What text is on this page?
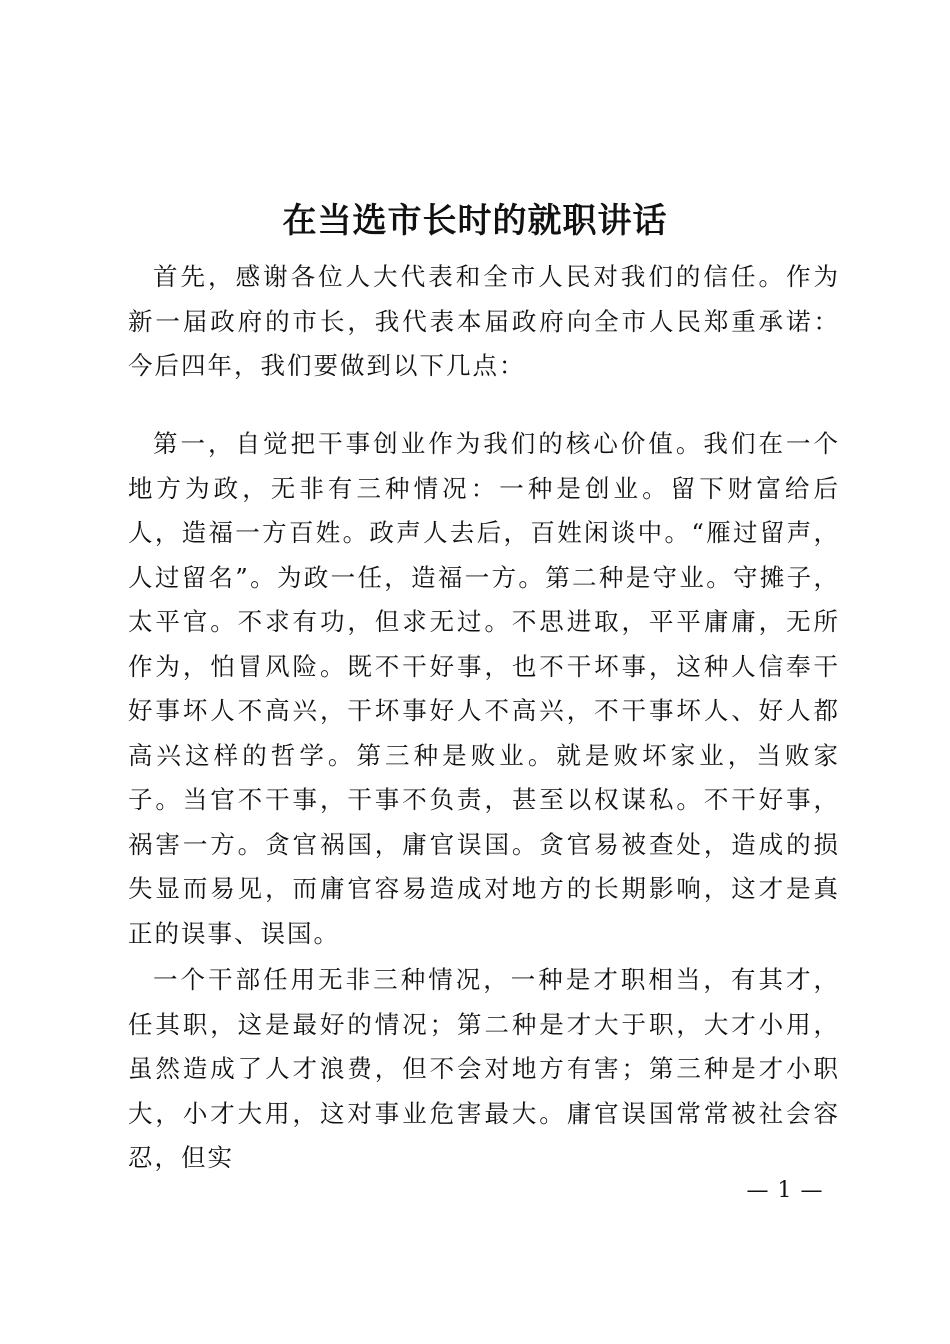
在当选市长时的就职讲话

首先，感谢各位人大代表和全市人民对我们的信任。作为新一届政府的市长，我代表本届政府向全市人民郑重承诺：今后四年，我们要做到以下几点：

第一，自觉把干事创业作为我们的核心价值。我们在一个地方为政，无非有三种情况：一种是创业。留下财富给后人，造福一方百姓。政声人去后，百姓闲谈中。“雁过留声，人过留名”。为政一任，造福一方。第二种是守业。守摊子，太平官。不求有功，但求无过。不思进取，平平庸庸，无所作为，怕冒风险。既不干好事，也不干坏事，这种人信奉干好事坏人不高兴，干坏事好人不高兴，不干事坏人、好人都高兴这样的哲学。第三种是败业。就是败坏家业，当败家子。当官不干事，干事不负责，甚至以权谋私。不干好事，祸害一方。贪官祸国，庸官误国。贪官易被查处，造成的损失显而易见，而庸官容易造成对地方的长期影响，这才是真正的误事、误国。

一个干部任用无非三种情况，一种是才职相当，有其才，任其职，这是最好的情况；第二种是才大于职，大才小用，虽然造成了人才浪费，但不会对地方有害；第三种是才小职大，小才大用，这对事业危害最大。庸官误国常常被社会容忍，但实

— 1 —
